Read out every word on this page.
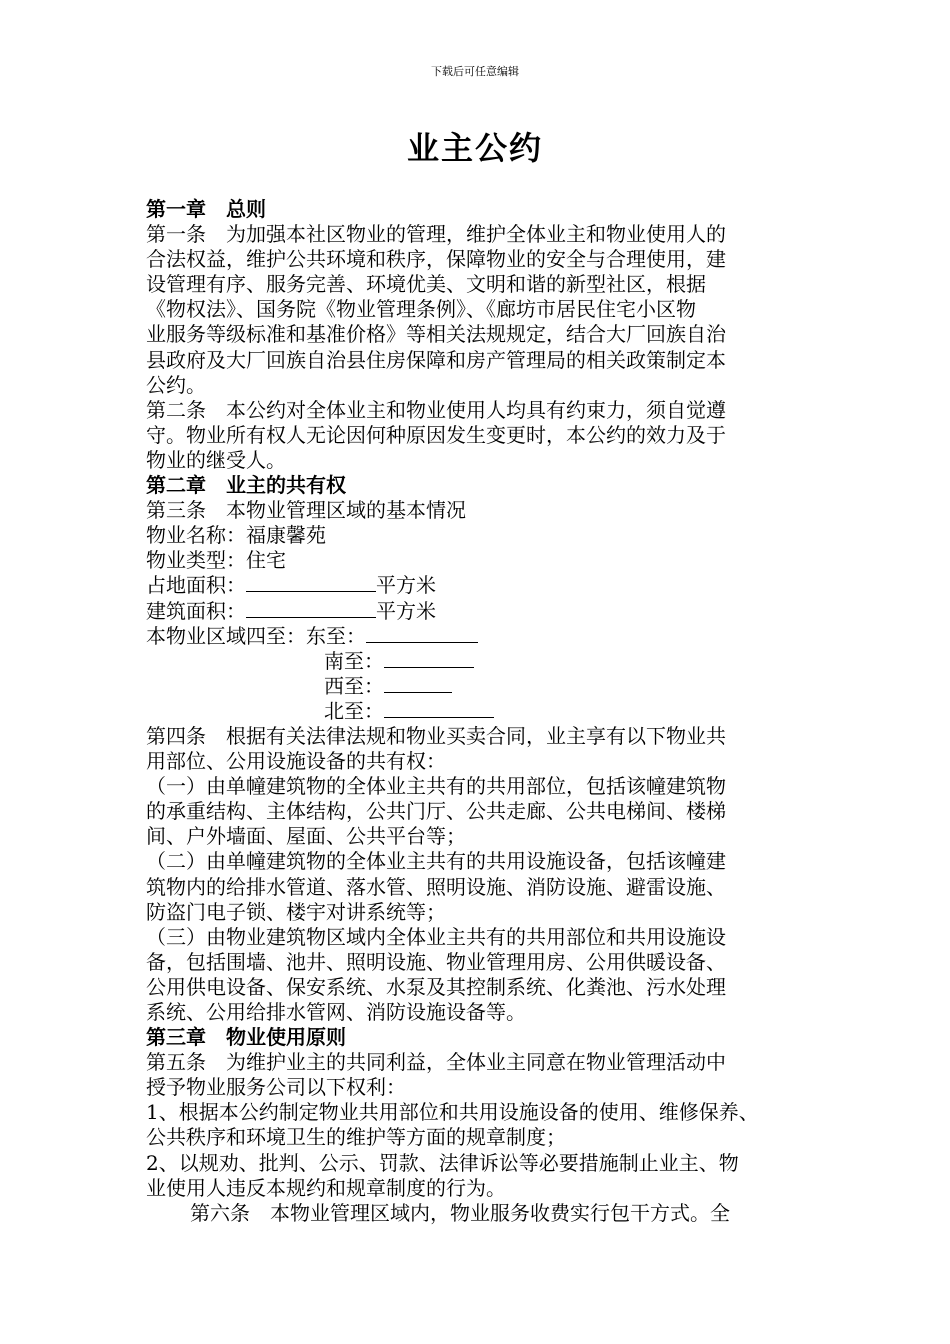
下载后可任意编辑
业主公约
第一章　总则
第一条　为加强本社区物业的管理，维护全体业主和物业使用人的
合法权益，维护公共环境和秩序，保障物业的安全与合理使用，建
设管理有序、服务完善、环境优美、文明和谐的新型社区，根据
《物权法》、国务院《物业管理条例》、《廊坊市居民住宅小区物
业服务等级标准和基准价格》等相关法规规定，结合大厂回族自治
县政府及大厂回族自治县住房保障和房产管理局的相关政策制定本
公约。
第二条　本公约对全体业主和物业使用人均具有约束力，须自觉遵
守。物业所有权人无论因何种原因发生变更时，本公约的效力及于
物业的继受人。
第二章　业主的共有权
第三条　本物业管理区域的基本情况
物业名称：福康馨苑
物业类型：住宅
占地面积：	平方米
建筑面积：	平方米
本物业区域四至：东至：
南至：
西至：
北至：
第四条　根据有关法律法规和物业买卖合同，业主享有以下物业共
用部位、公用设施设备的共有权：
（一）由单幢建筑物的全体业主共有的共用部位，包括该幢建筑物
的承重结构、主体结构，公共门厅、公共走廊、公共电梯间、楼梯
间、户外墙面、屋面、公共平台等；
（二）由单幢建筑物的全体业主共有的共用设施设备，包括该幢建
筑物内的给排水管道、落水管、照明设施、消防设施、避雷设施、
防盗门电子锁、楼宇对讲系统等；
（三）由物业建筑物区域内全体业主共有的共用部位和共用设施设
备，包括围墙、池井、照明设施、物业管理用房、公用供暖设备、
公用供电设备、保安系统、水泵及其控制系统、化粪池、污水处理
系统、公用给排水管网、消防设施设备等。
第三章　物业使用原则
第五条　为维护业主的共同利益，全体业主同意在物业管理活动中
授予物业服务公司以下权利：
1、根据本公约制定物业共用部位和共用设施设备的使用、维修保养、
公共秩序和环境卫生的维护等方面的规章制度；
2、以规劝、批判、公示、罚款、法律诉讼等必要措施制止业主、物
业使用人违反本规约和规章制度的行为。
第六条　本物业管理区域内，物业服务收费实行包干方式。全
